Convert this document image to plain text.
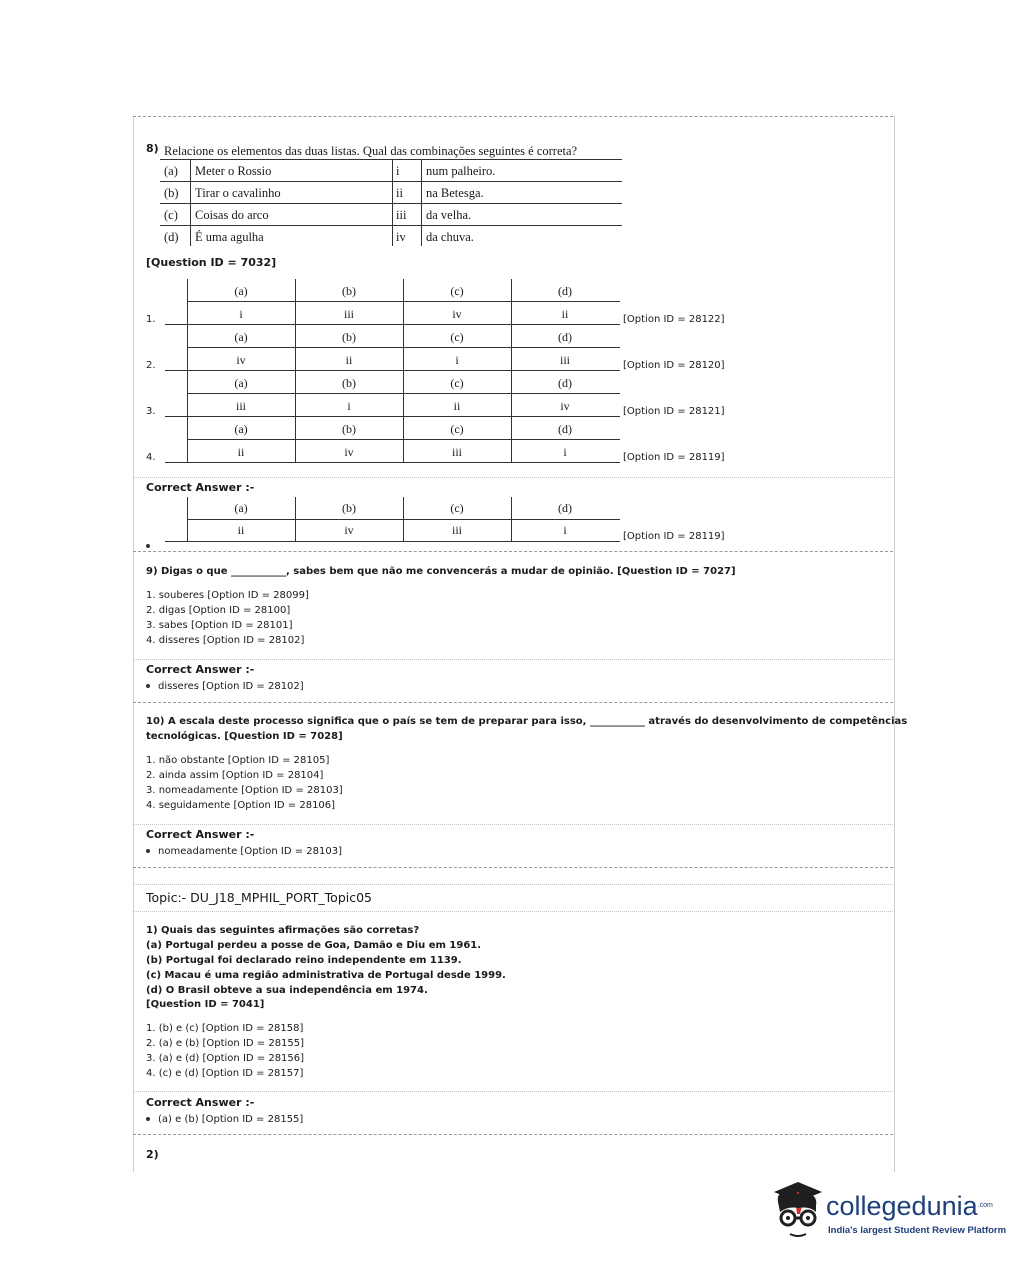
8) Relacione os elementos das duas listas. Qual das combinações seguintes é correta?
(a) Meter o Rossio	i num palheiro.
(b) Tirar o cavalinho	ii na Betesga.
(c) Coisas do arco	iii da velha.
(d) É uma agulha	iv da chuva.
[Question ID = 7032]
(a)	(b)	(c)	(d)
i	iii	iv	ii
1.	[Option ID = 28122]
(a)	(b)	(c)	(d)
iv	ii	i	iii
2.	[Option ID = 28120]
(a)	(b)	(c)	(d)
iii	i	ii	iv
3.	[Option ID = 28121]
(a)	(b)	(c)	(d)
ii	iv	iii	i
4.	[Option ID = 28119]
Correct Answer :-
(a)	(b)	(c)	(d)
ii	iv	iii	i	[Option ID = 28119]
9) Digas o que ___________, sabes bem que não me convencerás a mudar de opinião. [Question ID = 7027]
1. souberes [Option ID = 28099]
2. digas [Option ID = 28100]
3. sabes [Option ID = 28101]
4. disseres [Option ID = 28102]
Correct Answer :-
disseres [Option ID = 28102]
10) A escala deste processo significa que o país se tem de preparar para isso, ___________ através do desenvolvimento de competências
tecnológicas. [Question ID = 7028]
1. não obstante [Option ID = 28105]
2. ainda assim [Option ID = 28104]
3. nomeadamente [Option ID = 28103]
4. seguidamente [Option ID = 28106]
Correct Answer :-
nomeadamente [Option ID = 28103]
Topic:- DU_J18_MPHIL_PORT_Topic05
1) Quais das seguintes afirmações são corretas?
(a) Portugal perdeu a posse de Goa, Damão e Diu em 1961.
(b) Portugal foi declarado reino independente em 1139.
(c) Macau é uma região administrativa de Portugal desde 1999.
(d) O Brasil obteve a sua independência em 1974.
[Question ID = 7041]
1. (b) e (c) [Option ID = 28158]
2. (a) e (b) [Option ID = 28155]
3. (a) e (d) [Option ID = 28156]
4. (c) e (d) [Option ID = 28157]
Correct Answer :-
(a) e (b) [Option ID = 28155]
2)
collegedunia$^{.com}$
India's largest Student Review Platform
